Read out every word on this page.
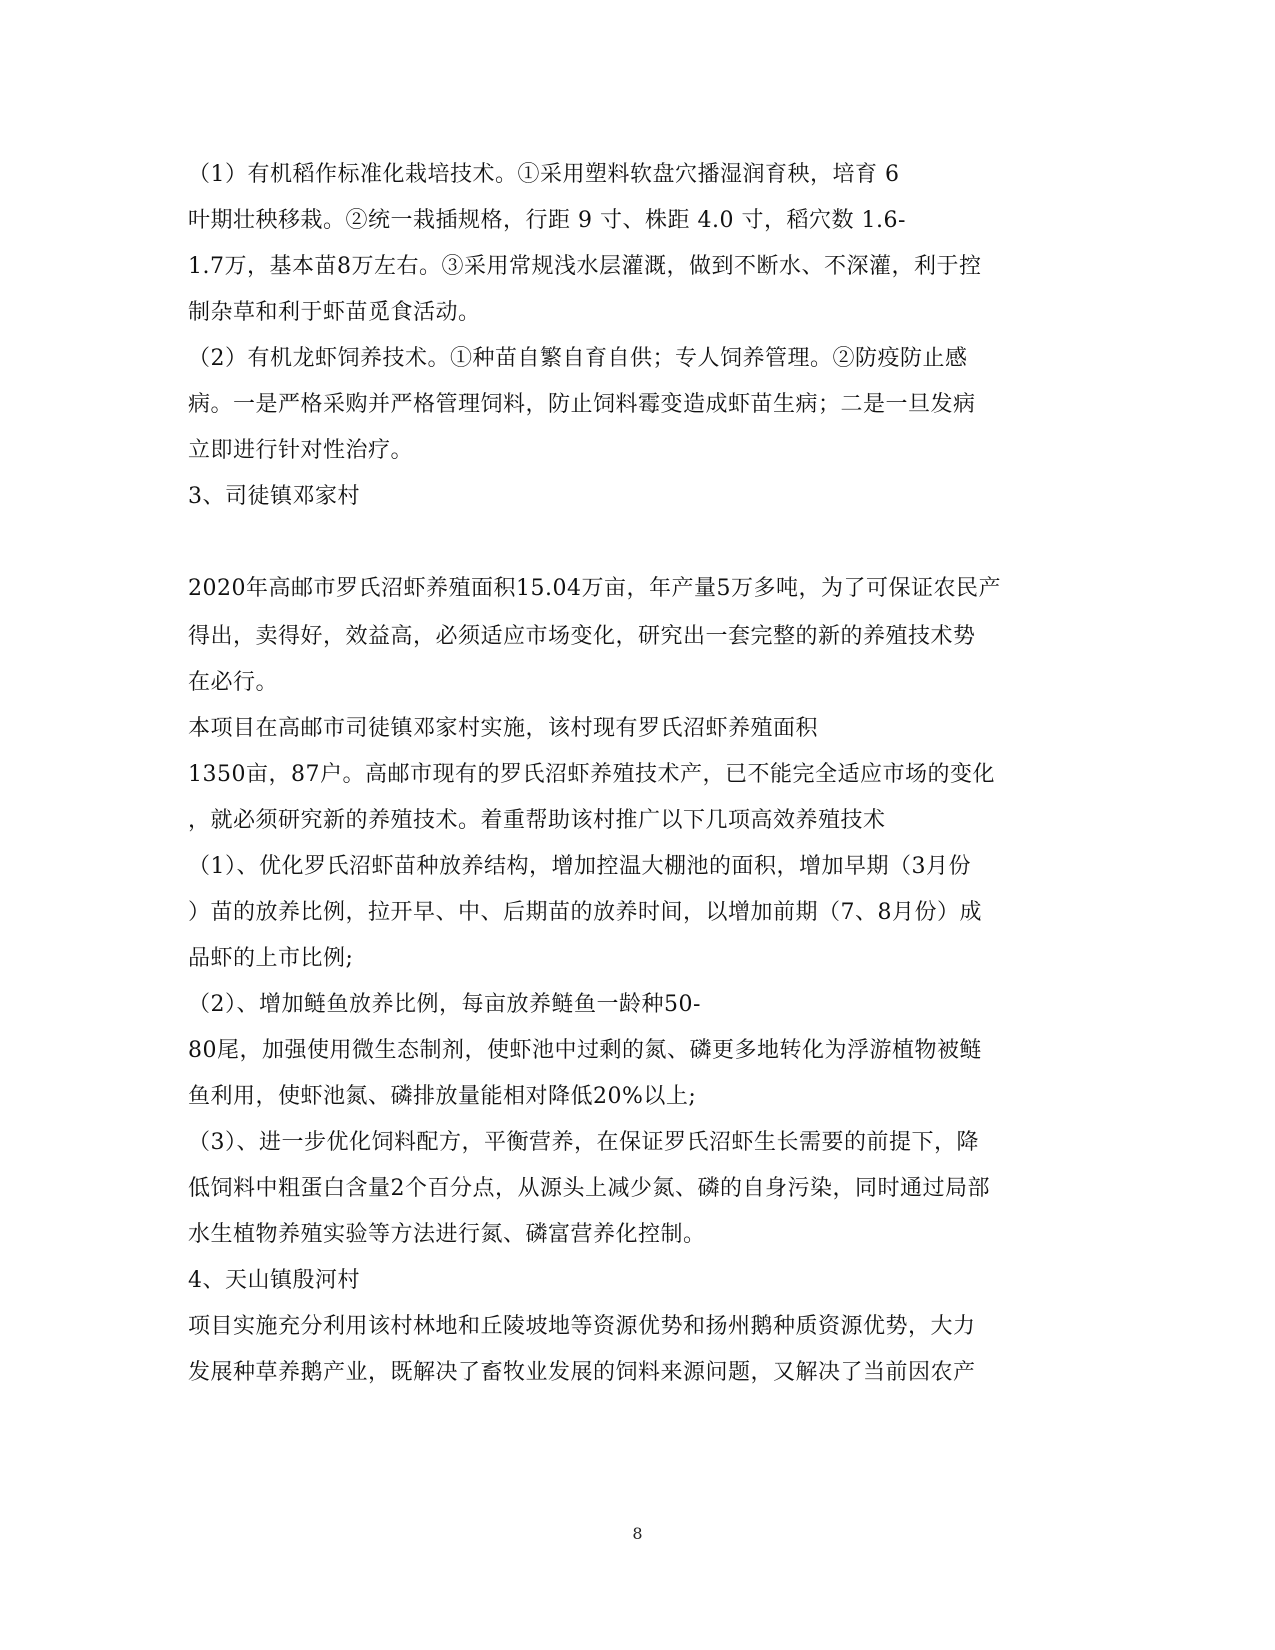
（1）有机稻作标准化栽培技术。①采用塑料软盘穴播湿润育秧，培育 6
叶期壮秧移栽。②统一栽插规格，行距 9 寸、株距 4.0 寸，稻穴数 1.6-
1.7万，基本苗8万左右。③采用常规浅水层灌溉，做到不断水、不深灌，利于控
制杂草和利于虾苗觅食活动。
（2）有机龙虾饲养技术。①种苗自繁自育自供；专人饲养管理。②防疫防止感
病。一是严格采购并严格管理饲料，防止饲料霉变造成虾苗生病；二是一旦发病
立即进行针对性治疗。
3、司徒镇邓家村
2020年高邮市罗氏沼虾养殖面积15.04万亩，年产量5万多吨，为了可保证农民产
得出，卖得好，效益高，必须适应市场变化，研究出一套完整的新的养殖技术势
在必行。
本项目在高邮市司徒镇邓家村实施，该村现有罗氏沼虾养殖面积
1350亩，87户。高邮市现有的罗氏沼虾养殖技术产，已不能完全适应市场的变化
，就必须研究新的养殖技术。着重帮助该村推广以下几项高效养殖技术
（1）、优化罗氏沼虾苗种放养结构，增加控温大棚池的面积，增加早期（3月份
）苗的放养比例，拉开早、中、后期苗的放养时间，以增加前期（7、8月份）成
品虾的上市比例;
（2）、增加鲢鱼放养比例，每亩放养鲢鱼一龄种50-
80尾，加强使用微生态制剂，使虾池中过剩的氮、磷更多地转化为浮游植物被鲢
鱼利用，使虾池氮、磷排放量能相对降低20%以上;
（3）、进一步优化饲料配方，平衡营养，在保证罗氏沼虾生长需要的前提下，降
低饲料中粗蛋白含量2个百分点，从源头上减少氮、磷的自身污染，同时通过局部
水生植物养殖实验等方法进行氮、磷富营养化控制。
4、天山镇殷河村
项目实施充分利用该村林地和丘陵坡地等资源优势和扬州鹅种质资源优势，大力
发展种草养鹅产业，既解决了畜牧业发展的饲料来源问题，又解决了当前因农产
8
